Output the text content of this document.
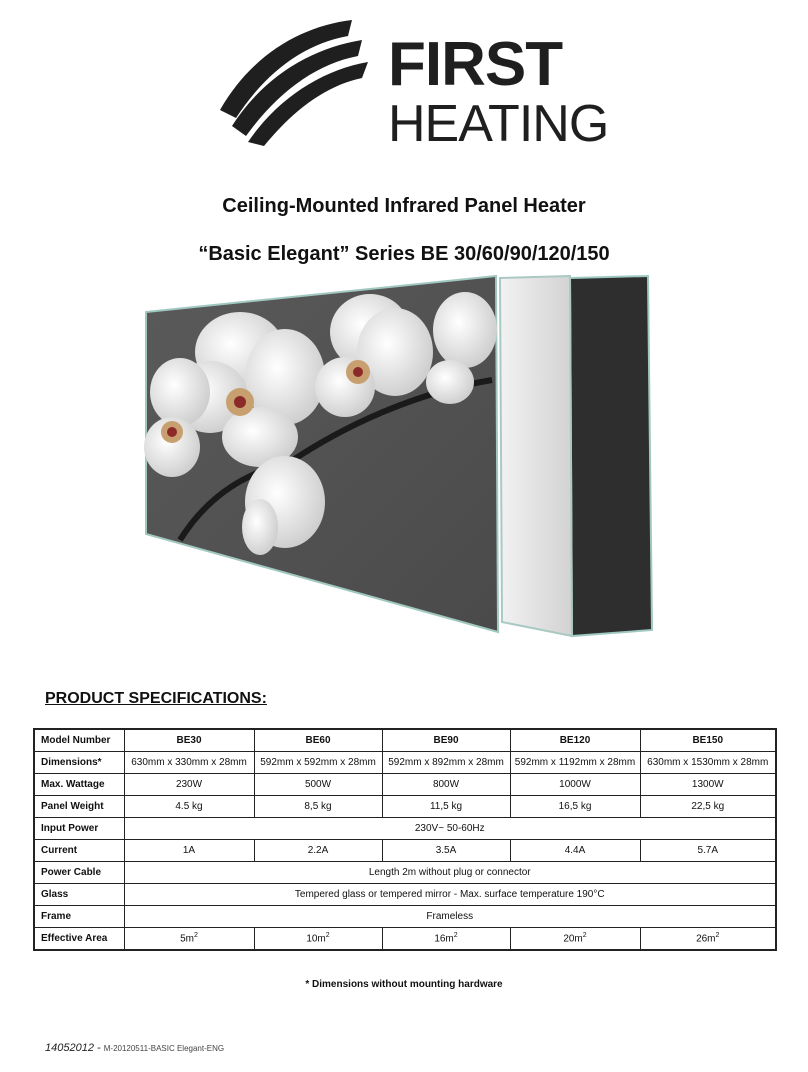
FIRST
HEATING
Ceiling-Mounted Infrared Panel Heater
“Basic Elegant” Series BE 30/60/90/120/150
PRODUCT SPECIFICATIONS:
Model Number	BE30	BE60	BE90	BE120	BE150
Dimensions*	630mm x 330mm x 28mm	592mm x 592mm x 28mm	592mm x 892mm x 28mm	592mm x 1192mm x 28mm	630mm x 1530mm x 28mm
Max. Wattage	230W	500W	800W	1000W	1300W
Panel Weight	4.5 kg	8,5 kg	11,5 kg	16,5 kg	22,5 kg
Input Power	230V~ 50-60Hz				
Current	1A	2.2A	3.5A	4.4A	5.7A
Power Cable	Length 2m without plug or connector				
Glass	Tempered glass or tempered mirror - Max. surface temperature 190°C				
Frame	Frameless				
Effective Area	$5m^2$	$10m^2$	$16m^2$	$20m^2$	$26m^2$
* Dimensions without mounting hardware
14052012 - M-20120511-BASIC Elegant-ENG
